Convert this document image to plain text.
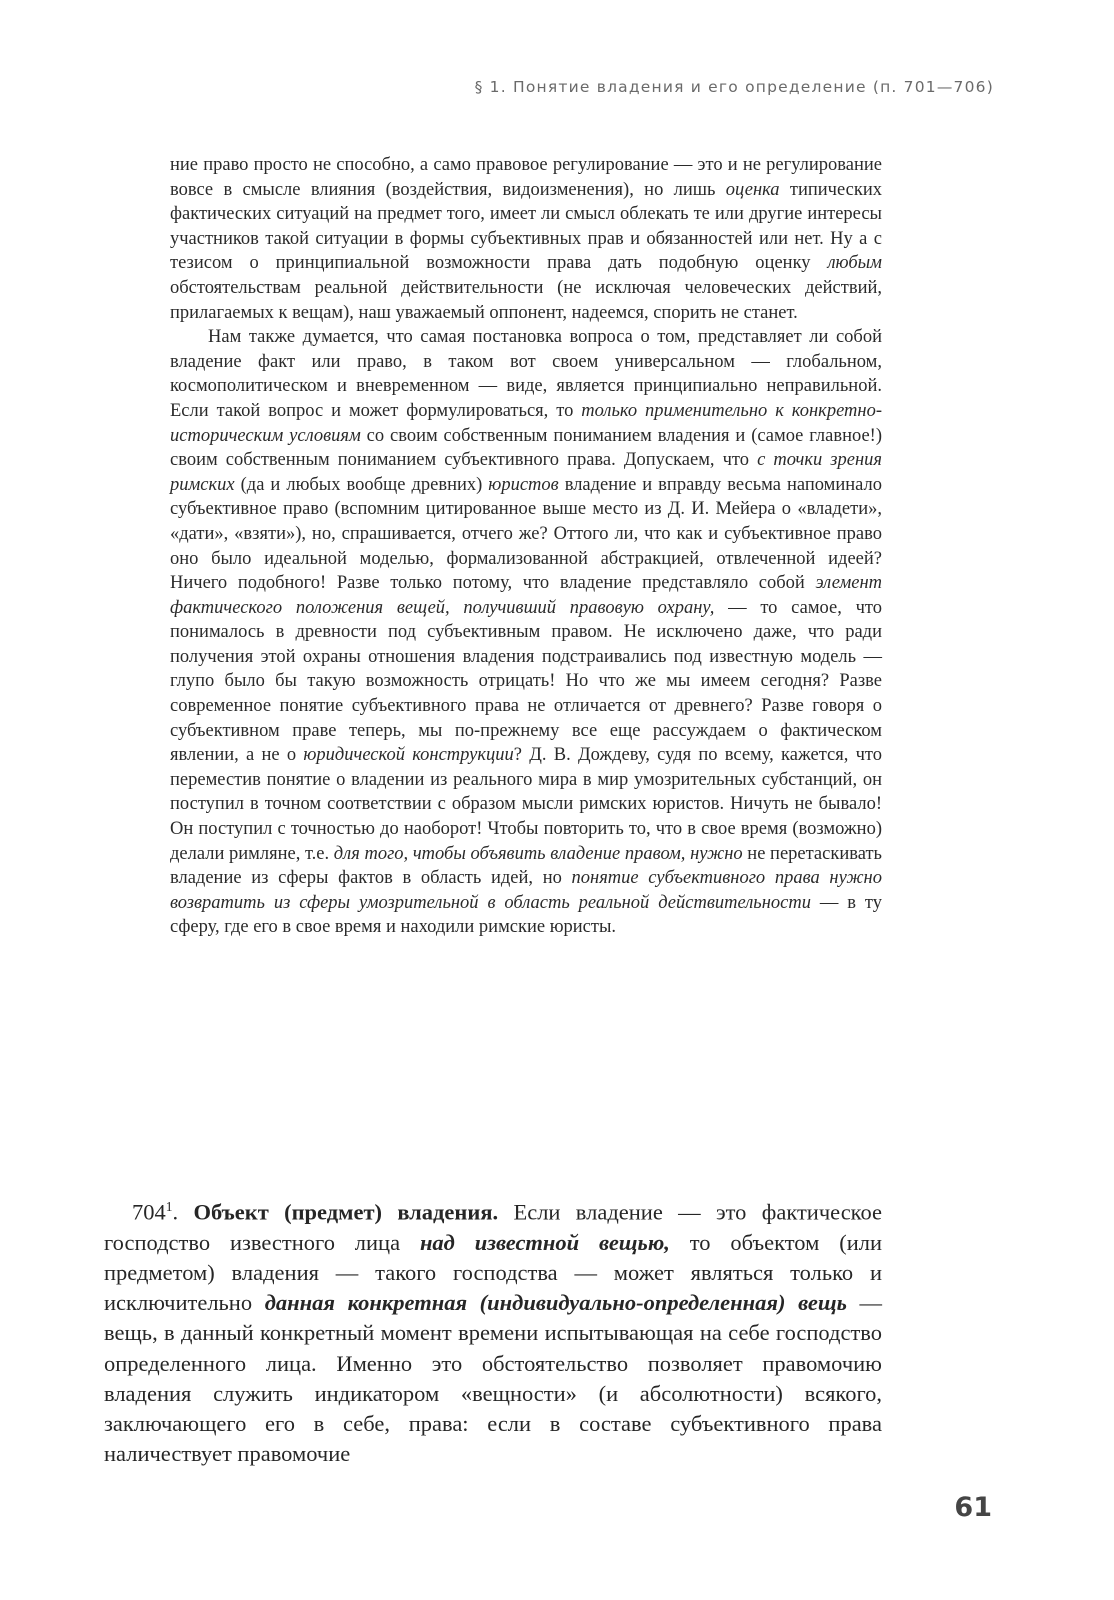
§ 1. Понятие владения и его определение (п. 701—706)

ние право просто не способно, а само правовое регулирование — это и не регулирование вовсе в смысле влияния (воздействия, видоизменения), но лишь оценка типических фактических ситуаций на предмет того, имеет ли смысл облекать те или другие интересы участников такой ситуации в формы субъективных прав и обязанностей или нет. Ну а с тезисом о принципиальной возможности права дать подобную оценку любым обстоятельствам реальной действительности (не исключая человеческих действий, прилагаемых к вещам), наш уважаемый оппонент, надеемся, спорить не станет.

Нам также думается, что самая постановка вопроса о том, представляет ли собой владение факт или право, в таком вот своем универсальном — глобальном, космополитическом и вневременном — виде, является принципиально неправильной. Если такой вопрос и может формулироваться, то только применительно к конкретно-историческим условиям со своим собственным пониманием владения и (самое главное!) своим собственным пониманием субъективного права. Допускаем, что с точки зрения римских (да и любых вообще древних) юристов владение и вправду весьма напоминало субъективное право (вспомним цитированное выше место из Д. И. Мейера о «владети», «дати», «взяти»), но, спрашивается, отчего же? Оттого ли, что как и субъективное право оно было идеальной моделью, формализованной абстракцией, отвлеченной идеей? Ничего подобного! Разве только потому, что владение представляло собой элемент фактического положения вещей, получивший правовую охрану, — то самое, что понималось в древности под субъективным правом. Не исключено даже, что ради получения этой охраны отношения владения подстраивались под известную модель — глупо было бы такую возможность отрицать! Но что же мы имеем сегодня? Разве современное понятие субъективного права не отличается от древнего? Разве говоря о субъективном праве теперь, мы по-прежнему все еще рассуждаем о фактическом явлении, а не о юридической конструкции? Д. В. Дождеву, судя по всему, кажется, что переместив понятие о владении из реального мира в мир умозрительных субстанций, он поступил в точном соответствии с образом мысли римских юристов. Ничуть не бывало! Он поступил с точностью до наоборот! Чтобы повторить то, что в свое время (возможно) делали римляне, т.е. для того, чтобы объявить владение правом, нужно не перетаскивать владение из сферы фактов в область идей, но понятие субъективного права нужно возвратить из сферы умозрительной в область реальной действительности — в ту сферу, где его в свое время и находили римские юристы.

$704^1$. Объект (предмет) владения. Если владение — это фактическое господство известного лица над известной вещью, то объектом (или предметом) владения — такого господства — может являться только и исключительно данная конкретная (индивидуально-определенная) вещь — вещь, в данный конкретный момент времени испытывающая на себе господство определенного лица. Именно это обстоятельство позволяет правомочию владения служить индикатором «вещности» (и абсолютности) всякого, заключающего его в себе, права: если в составе субъективного права наличествует правомочие

61
